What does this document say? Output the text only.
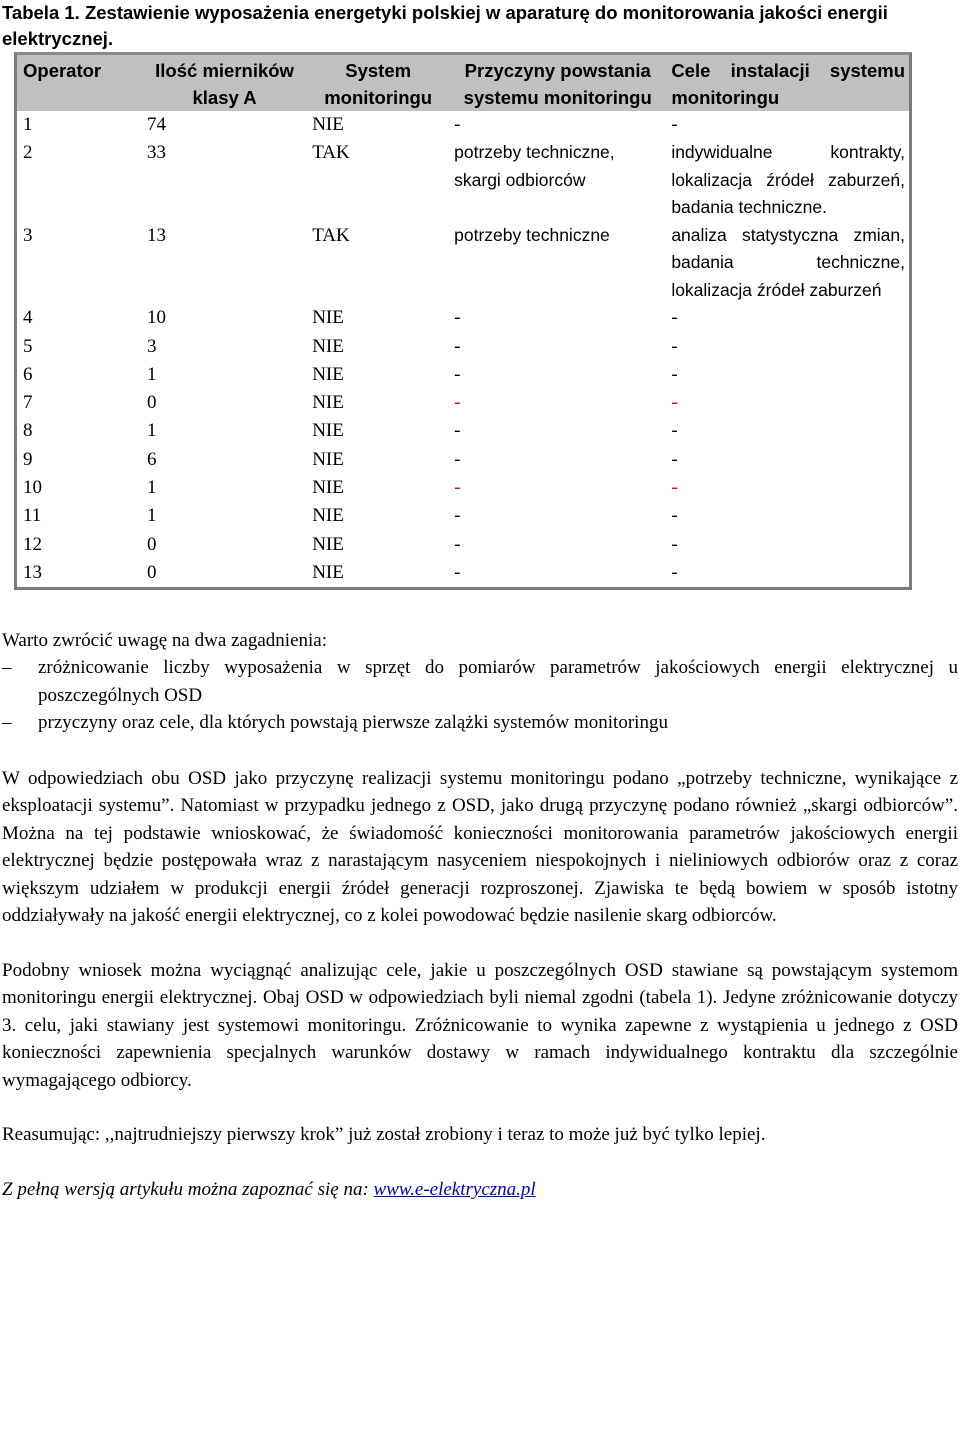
Tabela 1. Zestawienie wyposażenia energetyki polskiej w aparaturę do monitorowania jakości energii elektrycznej.

Operator	Ilość mierników klasy A	System monitoringu	Przyczyny powstania systemu monitoringu	Cele instalacji systemu monitoringu
1	74	NIE	-	-
2	33	TAK	potrzeby techniczne, skargi odbiorców	indywidualne kontrakty, lokalizacja źródeł zaburzeń, badania techniczne.
3	13	TAK	potrzeby techniczne	analiza statystyczna zmian, badania techniczne, lokalizacja źródeł zaburzeń
4	10	NIE	-	-
5	3	NIE	-	-
6	1	NIE	-	-
7	0	NIE	-	-
8	1	NIE	-	-
9	6	NIE	-	-
10	1	NIE	-	-
11	1	NIE	-	-
12	0	NIE	-	-
13	0	NIE	-	-

Warto zwrócić uwagę na dwa zagadnienia:

–	zróżnicowanie liczby wyposażenia w sprzęt do pomiarów parametrów jakościowych energii elektrycznej u poszczególnych OSD
–	przyczyny oraz cele, dla których powstają pierwsze zalążki systemów monitoringu

W odpowiedziach obu OSD jako przyczynę realizacji systemu monitoringu podano „potrzeby techniczne, wynikające z eksploatacji systemu”. Natomiast w przypadku jednego z OSD, jako drugą przyczynę podano również „skargi odbiorców”. Można na tej podstawie wnioskować, że świadomość konieczności monitorowania parametrów jakościowych energii elektrycznej będzie postępowała wraz z narastającym nasyceniem niespokojnych i nieliniowych odbiorów oraz z coraz większym udziałem w produkcji energii źródeł generacji rozproszonej. Zjawiska te będą bowiem w sposób istotny oddziaływały na jakość energii elektrycznej, co z kolei powodować będzie nasilenie skarg odbiorców.

Podobny wniosek można wyciągnąć analizując cele, jakie u poszczególnych OSD stawiane są powstającym systemom monitoringu energii elektrycznej. Obaj OSD w odpowiedziach byli niemal zgodni (tabela 1). Jedyne zróżnicowanie dotyczy 3. celu, jaki stawiany jest systemowi monitoringu. Zróżnicowanie to wynika zapewne z wystąpienia u jednego z OSD konieczności zapewnienia specjalnych warunków dostawy w ramach indywidualnego kontraktu dla szczególnie wymagającego odbiorcy.

Reasumując: ,,najtrudniejszy pierwszy krok” już został zrobiony i teraz to może już być tylko lepiej.

Z pełną wersją artykułu można zapoznać się na: www.e-elektryczna.pl
